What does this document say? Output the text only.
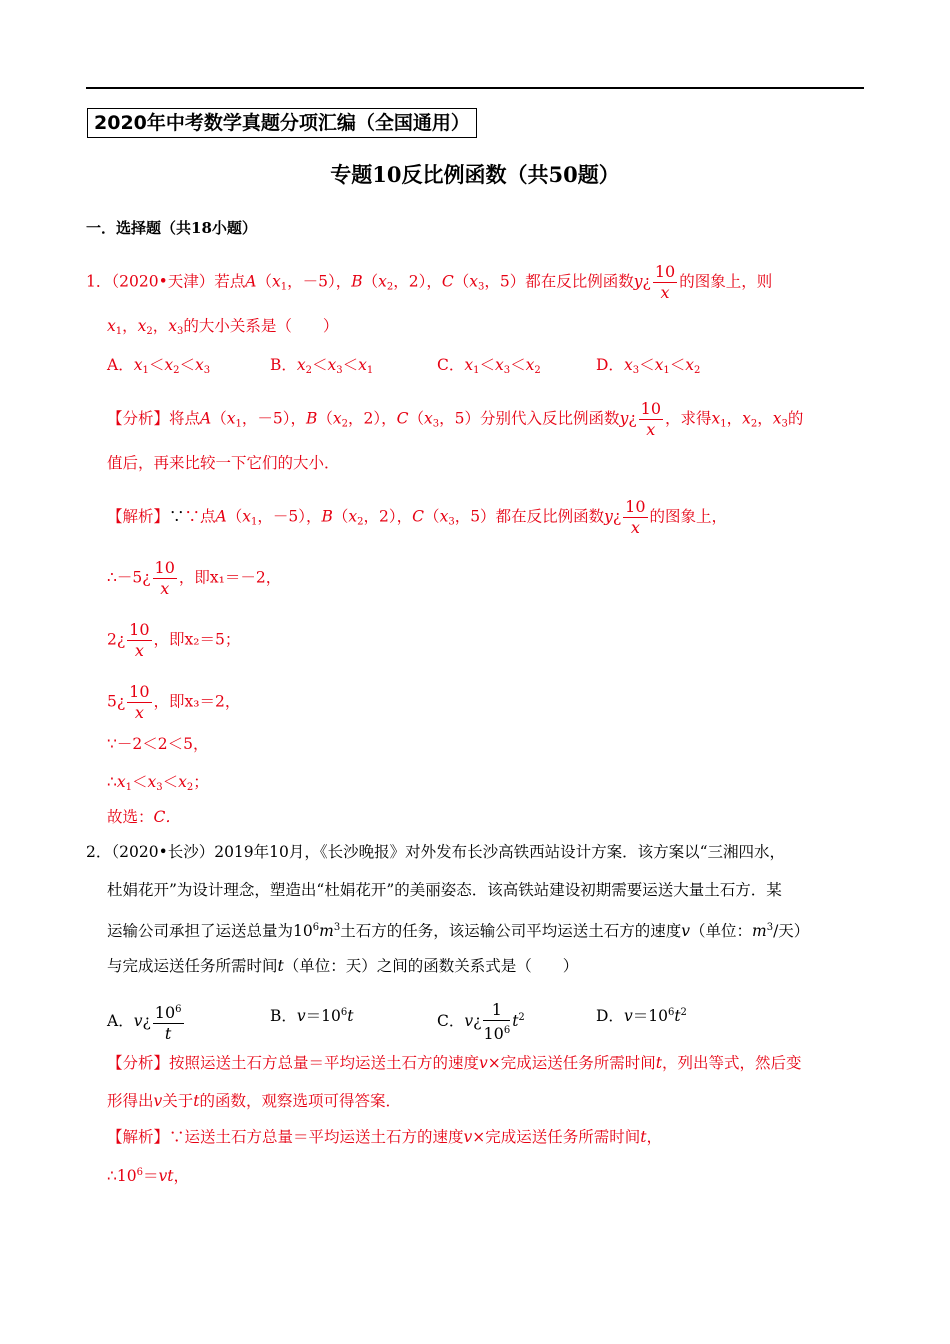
2020年中考数学真题分项汇编（全国通用）
专题10反比例函数（共50题）
一．选择题（共18小题）
1．（2020•天津）若点$A(x_1$，－5），$B(x_2$，2），$C(x_3$，5）都在反比例函数y¿ $\frac{10}{x}$ 的图象上，则
$x_1$，$x_2$，$x_3$的大小关系是（　　）
A．$x_1<x_2<x_3$	B．$x_2<x_3<x_1$	C．$x_1<x_3<x_2$	D．$x_3<x_1<x_2$
【分析】将点$A(x_1$，－5），$B(x_2$，2），$C(x_3$，5）分别代入反比例函数y¿ $\frac{10}{x}$ ，求得$x_1$，$x_2$，$x_3$的
值后，再来比较一下它们的大小．
【解析】∵∵点$A(x_1$，－5），$B(x_2$，2），$C(x_3$，5）都在反比例函数y¿ $\frac{10}{x}$ 的图象上，
∴－5¿ $\frac{10}{x}$ ，即x₁＝－2，
2¿ $\frac{10}{x}$ ，即x₂＝5；
5¿ $\frac{10}{x}$ ，即x₃＝2，
∵－2＜2＜5，
$\therefore x_1<x_3<x_2$；
故选：C．
2．（2020•长沙）2019年10月，《长沙晚报》对外发布长沙高铁西站设计方案．该方案以“三湘四水，
杜娟花开”为设计理念，塑造出“杜娟花开”的美丽姿态．该高铁站建设初期需要运送大量土石方．某
运输公司承担了运送总量为$10^6m^3$土石方的任务，该运输公司平均运送土石方的速度v（单位：$m^3/$天）
与完成运送任务所需时间t（单位：天）之间的函数关系式是（　　）
A．v¿ $\frac{10^6}{t}$	B．$v=10^6t$	C．v¿ $\frac{1}{10^6} t^2$	D．$v=10^6t^2$
【分析】按照运送土石方总量＝平均运送土石方的速度v×完成运送任务所需时间t，列出等式，然后变
形得出v关于t的函数，观察选项可得答案．
【解析】∵运送土石方总量＝平均运送土石方的速度v×完成运送任务所需时间t，
$\therefore 10^6=vt$，
